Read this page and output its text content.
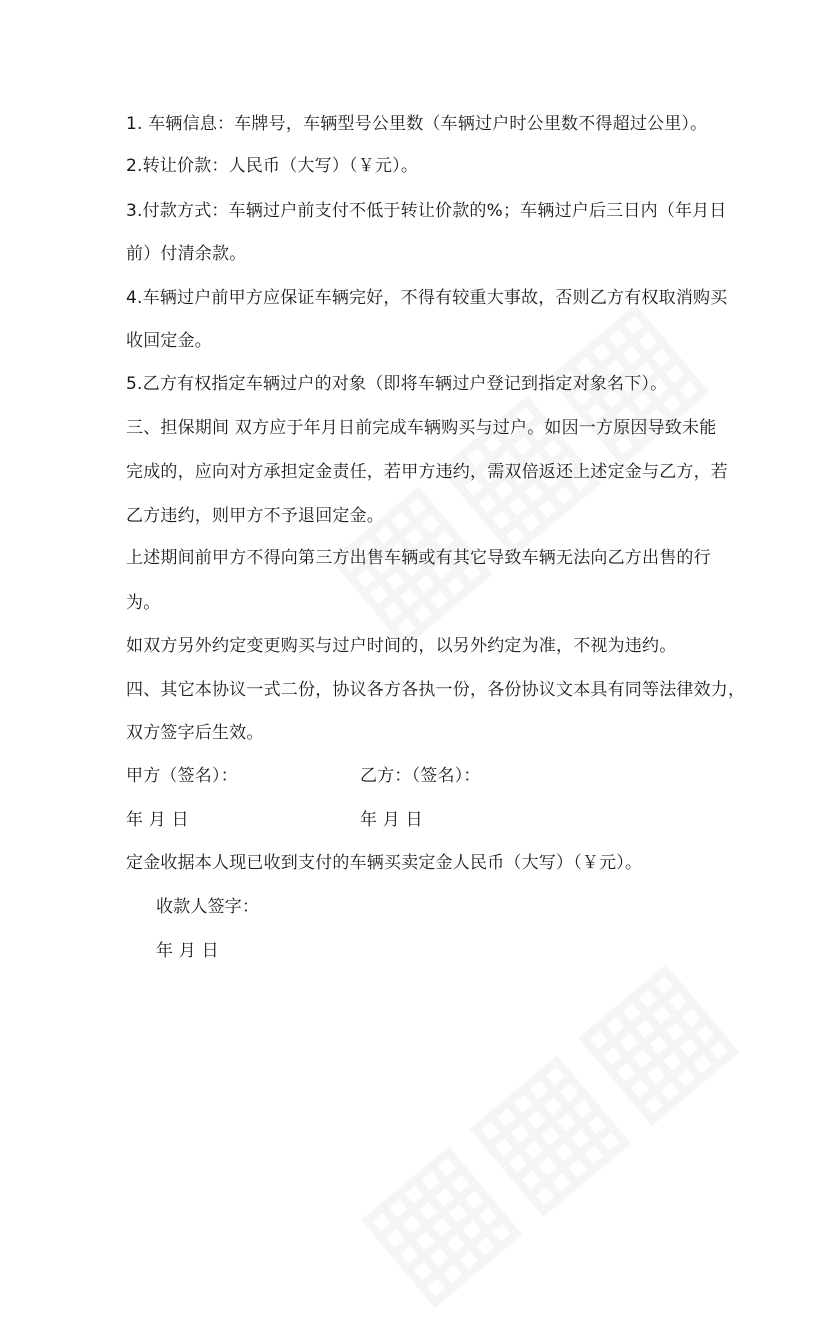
1. 车辆信息：车牌号，车辆型号公里数（车辆过户时公里数不得超过公里）。
2.转让价款：人民币（大写）（￥元）。
3.付款方式：车辆过户前支付不低于转让价款的%；车辆过户后三日内（年月日
前）付清余款。
4.车辆过户前甲方应保证车辆完好，不得有较重大事故，否则乙方有权取消购买
收回定金。
5.乙方有权指定车辆过户的对象（即将车辆过户登记到指定对象名下）。
三、担保期间 双方应于年月日前完成车辆购买与过户。如因一方原因导致未能
完成的，应向对方承担定金责任，若甲方违约，需双倍返还上述定金与乙方，若
乙方违约，则甲方不予退回定金。
上述期间前甲方不得向第三方出售车辆或有其它导致车辆无法向乙方出售的行
为。
如双方另外约定变更购买与过户时间的，以另外约定为准，不视为违约。
四、其它本协议一式二份，协议各方各执一份，各份协议文本具有同等法律效力，
双方签字后生效。
甲方（签名）：	乙方：（签名）：
年 月 日	年 月 日
定金收据本人现已收到支付的车辆买卖定金人民币（大写）（￥元）。
收款人签字：
年 月 日
